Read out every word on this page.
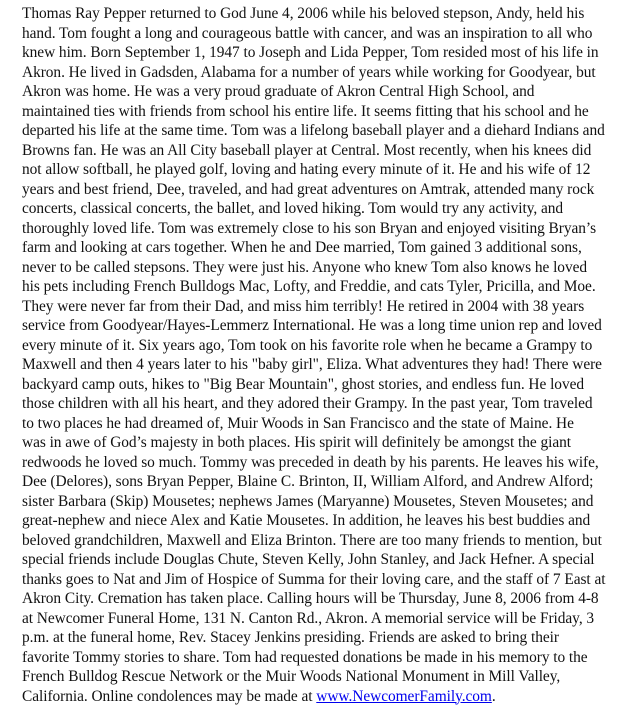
Thomas Ray Pepper returned to God June 4, 2006 while his beloved stepson, Andy, held his
hand. Tom fought a long and courageous battle with cancer, and was an inspiration to all who
knew him. Born September 1, 1947 to Joseph and Lida Pepper, Tom resided most of his life in
Akron. He lived in Gadsden, Alabama for a number of years while working for Goodyear, but
Akron was home. He was a very proud graduate of Akron Central High School, and
maintained ties with friends from school his entire life. It seems fitting that his school and he
departed his life at the same time. Tom was a lifelong baseball player and a diehard Indians and
Browns fan. He was an All City baseball player at Central. Most recently, when his knees did
not allow softball, he played golf, loving and hating every minute of it. He and his wife of 12
years and best friend, Dee, traveled, and had great adventures on Amtrak, attended many rock
concerts, classical concerts, the ballet, and loved hiking. Tom would try any activity, and
thoroughly loved life. Tom was extremely close to his son Bryan and enjoyed visiting Bryan’s
farm and looking at cars together. When he and Dee married, Tom gained 3 additional sons,
never to be called stepsons. They were just his. Anyone who knew Tom also knows he loved
his pets including French Bulldogs Mac, Lofty, and Freddie, and cats Tyler, Pricilla, and Moe.
They were never far from their Dad, and miss him terribly! He retired in 2004 with 38 years
service from Goodyear/Hayes-Lemmerz International. He was a long time union rep and loved
every minute of it. Six years ago, Tom took on his favorite role when he became a Grampy to
Maxwell and then 4 years later to his "baby girl", Eliza. What adventures they had! There were
backyard camp outs, hikes to "Big Bear Mountain", ghost stories, and endless fun. He loved
those children with all his heart, and they adored their Grampy. In the past year, Tom traveled
to two places he had dreamed of, Muir Woods in San Francisco and the state of Maine. He
was in awe of God’s majesty in both places. His spirit will definitely be amongst the giant
redwoods he loved so much. Tommy was preceded in death by his parents. He leaves his wife,
Dee (Delores), sons Bryan Pepper, Blaine C. Brinton, II, William Alford, and Andrew Alford;
sister Barbara (Skip) Mousetes; nephews James (Maryanne) Mousetes, Steven Mousetes; and
great-nephew and niece Alex and Katie Mousetes. In addition, he leaves his best buddies and
beloved grandchildren, Maxwell and Eliza Brinton. There are too many friends to mention, but
special friends include Douglas Chute, Steven Kelly, John Stanley, and Jack Hefner. A special
thanks goes to Nat and Jim of Hospice of Summa for their loving care, and the staff of 7 East at
Akron City. Cremation has taken place. Calling hours will be Thursday, June 8, 2006 from 4-8
at Newcomer Funeral Home, 131 N. Canton Rd., Akron. A memorial service will be Friday, 3
p.m. at the funeral home, Rev. Stacey Jenkins presiding. Friends are asked to bring their
favorite Tommy stories to share. Tom had requested donations be made in his memory to the
French Bulldog Rescue Network or the Muir Woods National Monument in Mill Valley,
California. Online condolences may be made at www.NewcomerFamily.com.
